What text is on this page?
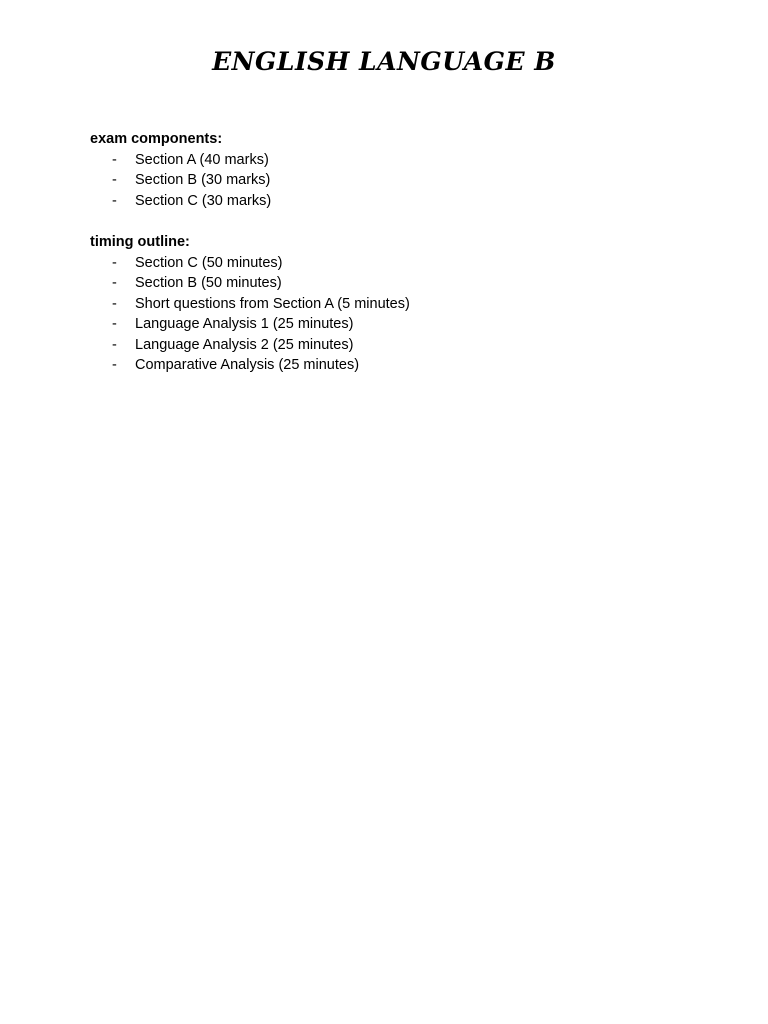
ENGLISH LANGUAGE B

exam components:

- Section A (40 marks)
- Section B (30 marks)
- Section C (30 marks)

timing outline:

- Section C (50 minutes)
- Section B (50 minutes)
- Short questions from Section A (5 minutes)
- Language Analysis 1 (25 minutes)
- Language Analysis 2 (25 minutes)
- Comparative Analysis (25 minutes)
